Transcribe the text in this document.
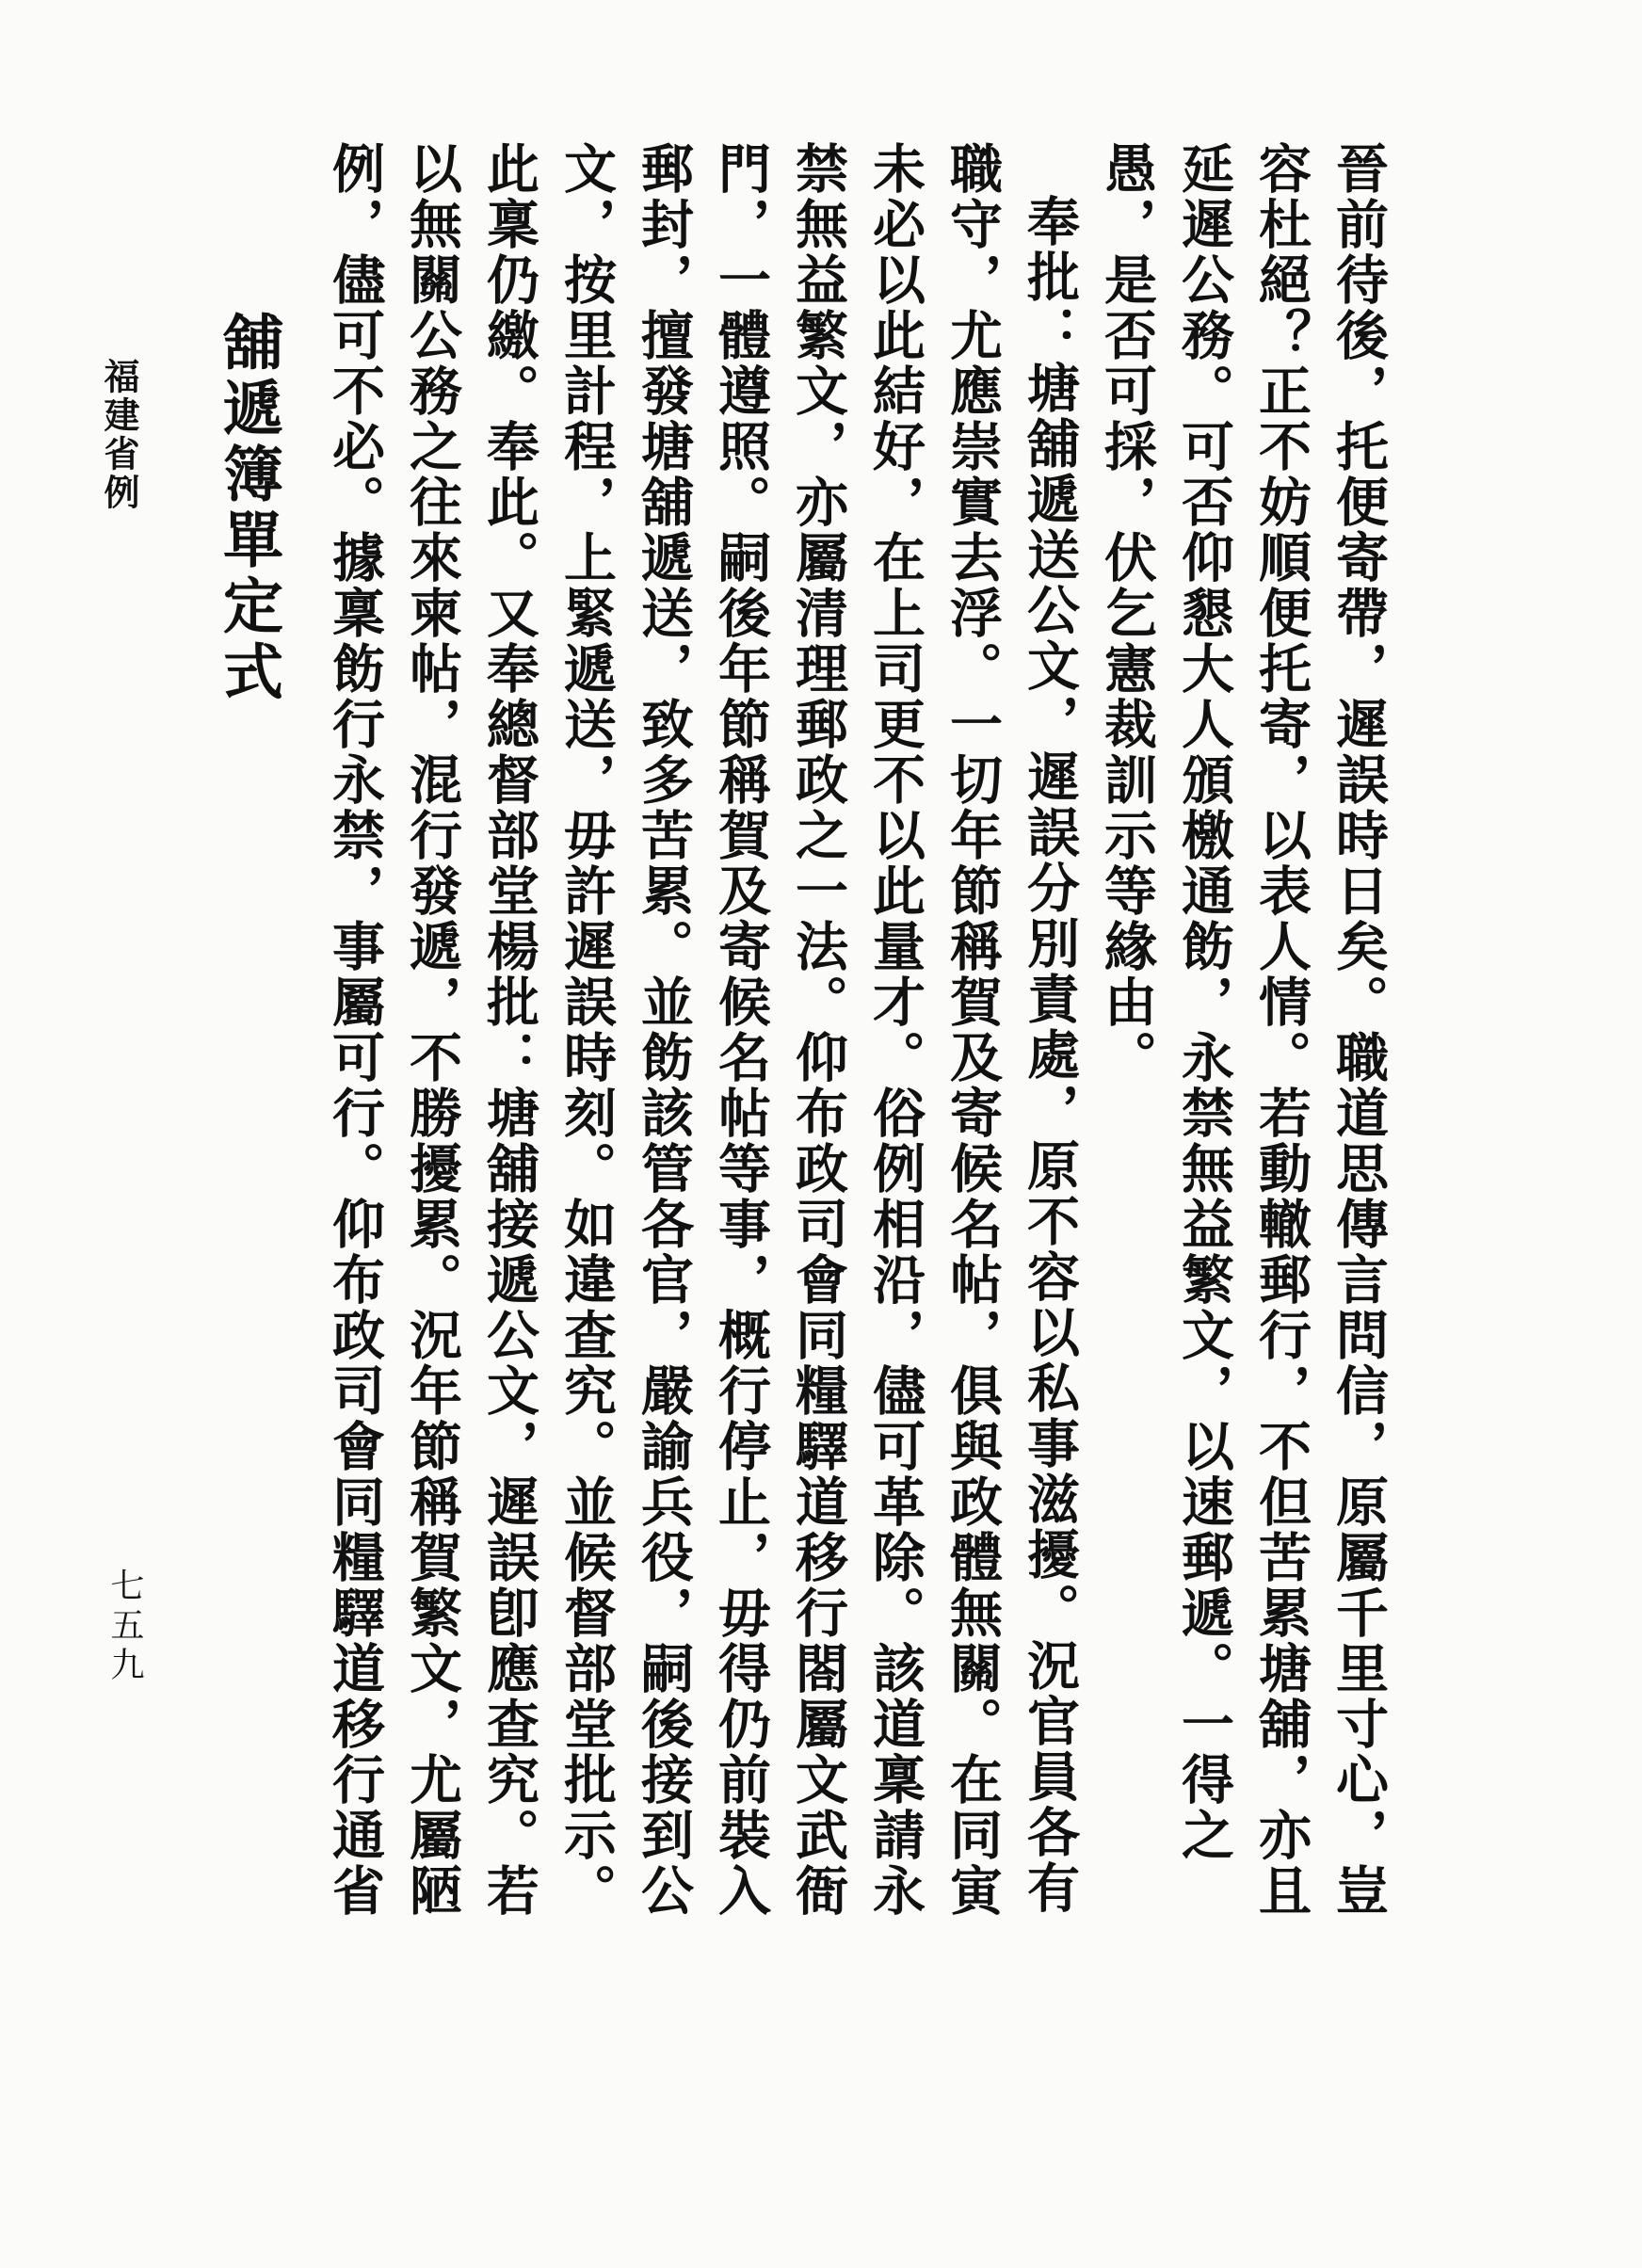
晉前待後，托便寄帶，遲誤時日矣。職道思傳言問信，原屬千里寸心，豈容杜絕？正不妨順便托寄，以表人情。若動轍郵行，不但苦累塘舖，亦且延遲公務。可否仰懇大人頒檄通飭，永禁無益繁文，以速郵遞。一得之愚，是否可採，伏乞憲裁訓示等緣由。

奉批：塘舖遞送公文，遲誤分別責處，原不容以私事滋擾。況官員各有職守，尤應崇實去浮。一切年節稱賀及寄候名帖，俱與政體無關。在同寅未必以此結好，在上司更不以此量才。俗例相沿，儘可革除。該道稟請永禁無益繁文，亦屬清理郵政之一法。仰布政司會同糧驛道移行閤屬文武衙門，一體遵照。嗣後年節稱賀及寄候名帖等事，概行停止，毋得仍前裝入郵封，擅發塘舖遞送，致多苦累。並飭該管各官，嚴諭兵役，嗣後接到公文，按里計程，上緊遞送，毋許遲誤時刻。如違查究。並候督部堂批示。此稟仍繳。奉此。又奉總督部堂楊批：塘舖接遞公文，遲誤卽應查究。若以無關公務之往來柬帖，混行發遞，不勝擾累。況年節稱賀繁文，尤屬陋例，儘可不必。據稟飭行永禁，事屬可行。仰布政司會同糧驛道移行通省

舖遞簿單定式
福建省例
七五九
